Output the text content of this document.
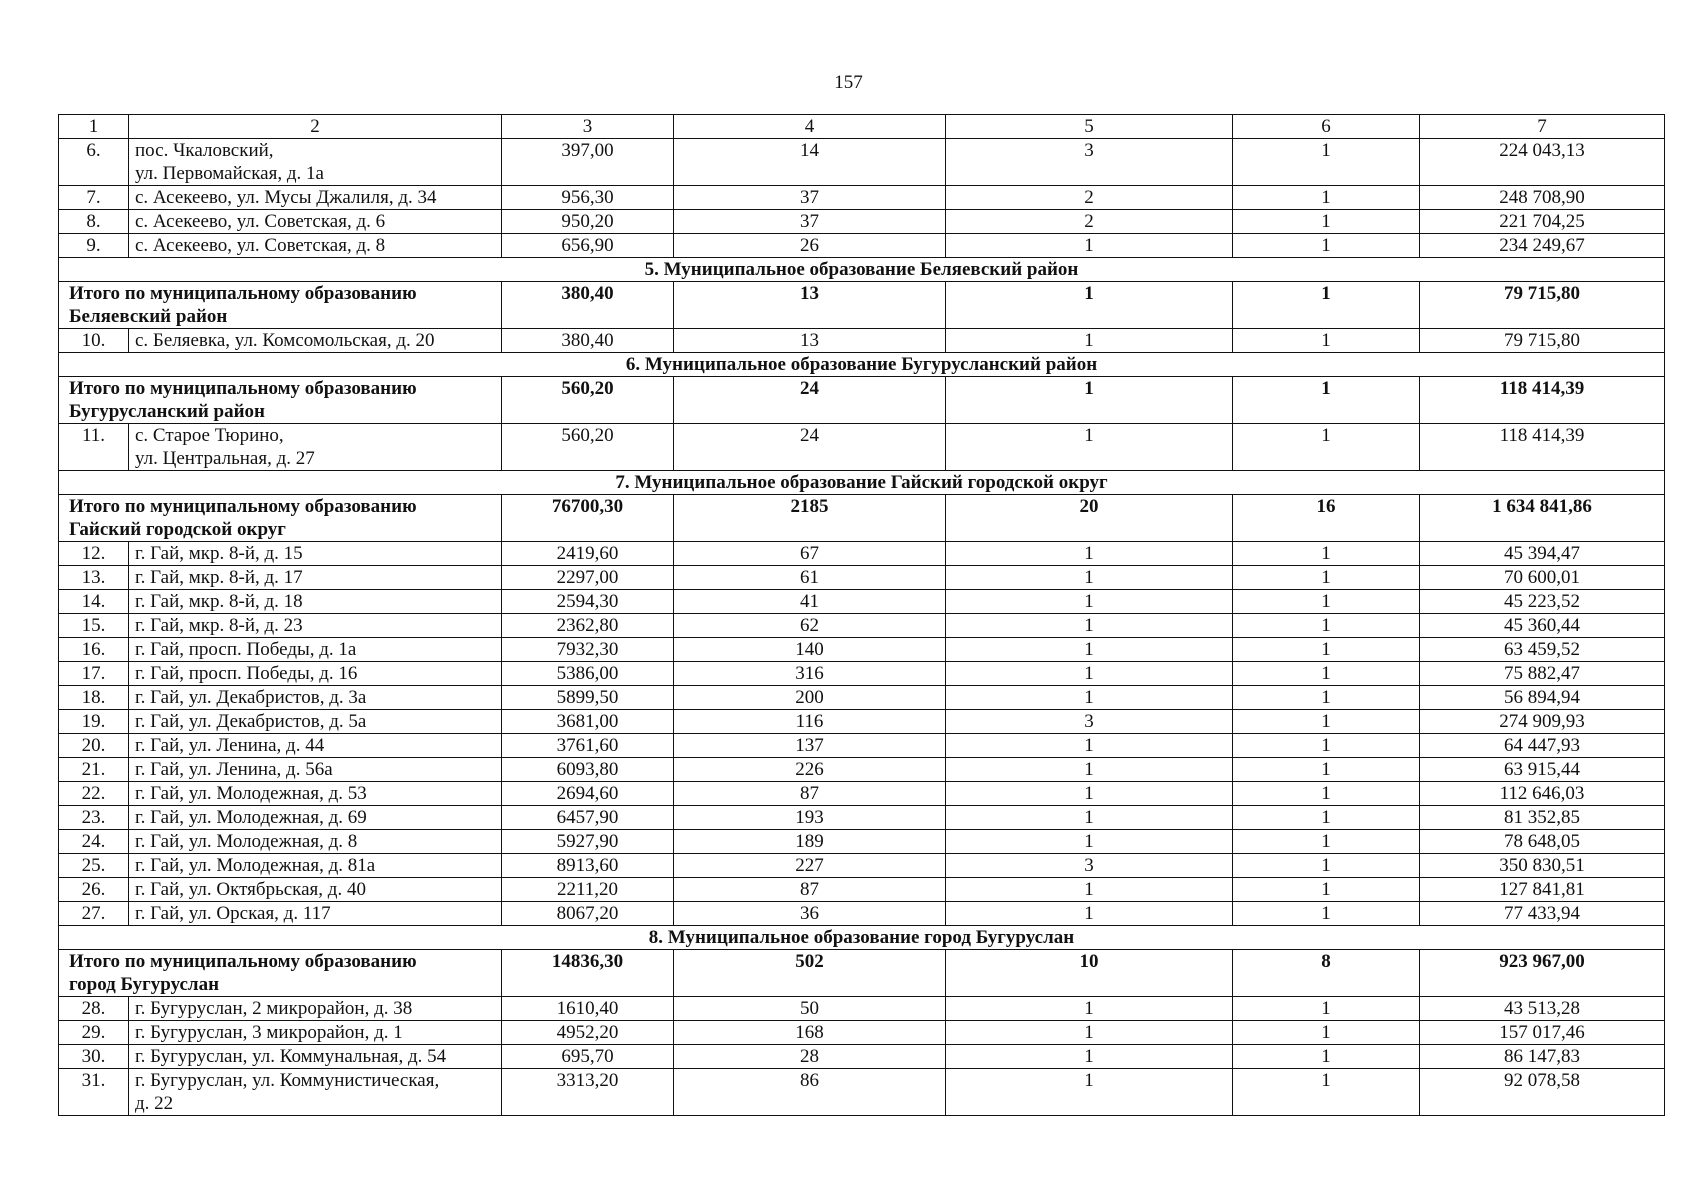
157
1	2	3	4	5	6	7
6.	пос. Чкаловский,
ул. Первомайская, д. 1а	397,00	14	3	1	224 043,13
7.	с. Асекеево, ул. Мусы Джалиля, д. 34	956,30	37	2	1	248 708,90
8.	с. Асекеево, ул. Советская, д. 6	950,20	37	2	1	221 704,25
9.	с. Асекеево, ул. Советская, д. 8	656,90	26	1	1	234 249,67
5. Муниципальное образование Беляевский район						
Итого по муниципальному образованию
Беляевский район		380,40	13	1	1	79 715,80
10.	с. Беляевка, ул. Комсомольская, д. 20	380,40	13	1	1	79 715,80
6. Муниципальное образование Бугурусланский район						
Итого по муниципальному образованию
Бугурусланский район		560,20	24	1	1	118 414,39
11.	с. Старое Тюрино,
ул. Центральная, д. 27	560,20	24	1	1	118 414,39
7. Муниципальное образование Гайский городской округ						
Итого по муниципальному образованию
Гайский городской округ		76700,30	2185	20	16	1 634 841,86
12.	г. Гай, мкр. 8-й, д. 15	2419,60	67	1	1	45 394,47
13.	г. Гай, мкр. 8-й, д. 17	2297,00	61	1	1	70 600,01
14.	г. Гай, мкр. 8-й, д. 18	2594,30	41	1	1	45 223,52
15.	г. Гай, мкр. 8-й, д. 23	2362,80	62	1	1	45 360,44
16.	г. Гай, просп. Победы, д. 1а	7932,30	140	1	1	63 459,52
17.	г. Гай, просп. Победы, д. 16	5386,00	316	1	1	75 882,47
18.	г. Гай, ул. Декабристов, д. 3а	5899,50	200	1	1	56 894,94
19.	г. Гай, ул. Декабристов, д. 5а	3681,00	116	3	1	274 909,93
20.	г. Гай, ул. Ленина, д. 44	3761,60	137	1	1	64 447,93
21.	г. Гай, ул. Ленина, д. 56а	6093,80	226	1	1	63 915,44
22.	г. Гай, ул. Молодежная, д. 53	2694,60	87	1	1	112 646,03
23.	г. Гай, ул. Молодежная, д. 69	6457,90	193	1	1	81 352,85
24.	г. Гай, ул. Молодежная, д. 8	5927,90	189	1	1	78 648,05
25.	г. Гай, ул. Молодежная, д. 81а	8913,60	227	3	1	350 830,51
26.	г. Гай, ул. Октябрьская, д. 40	2211,20	87	1	1	127 841,81
27.	г. Гай, ул. Орская, д. 117	8067,20	36	1	1	77 433,94
8. Муниципальное образование город Бугуруслан						
Итого по муниципальному образованию
город Бугуруслан		14836,30	502	10	8	923 967,00
28.	г. Бугуруслан, 2 микрорайон, д. 38	1610,40	50	1	1	43 513,28
29.	г. Бугуруслан, 3 микрорайон, д. 1	4952,20	168	1	1	157 017,46
30.	г. Бугуруслан, ул. Коммунальная, д. 54	695,70	28	1	1	86 147,83
31.	г. Бугуруслан, ул. Коммунистическая,
д. 22	3313,20	86	1	1	92 078,58
